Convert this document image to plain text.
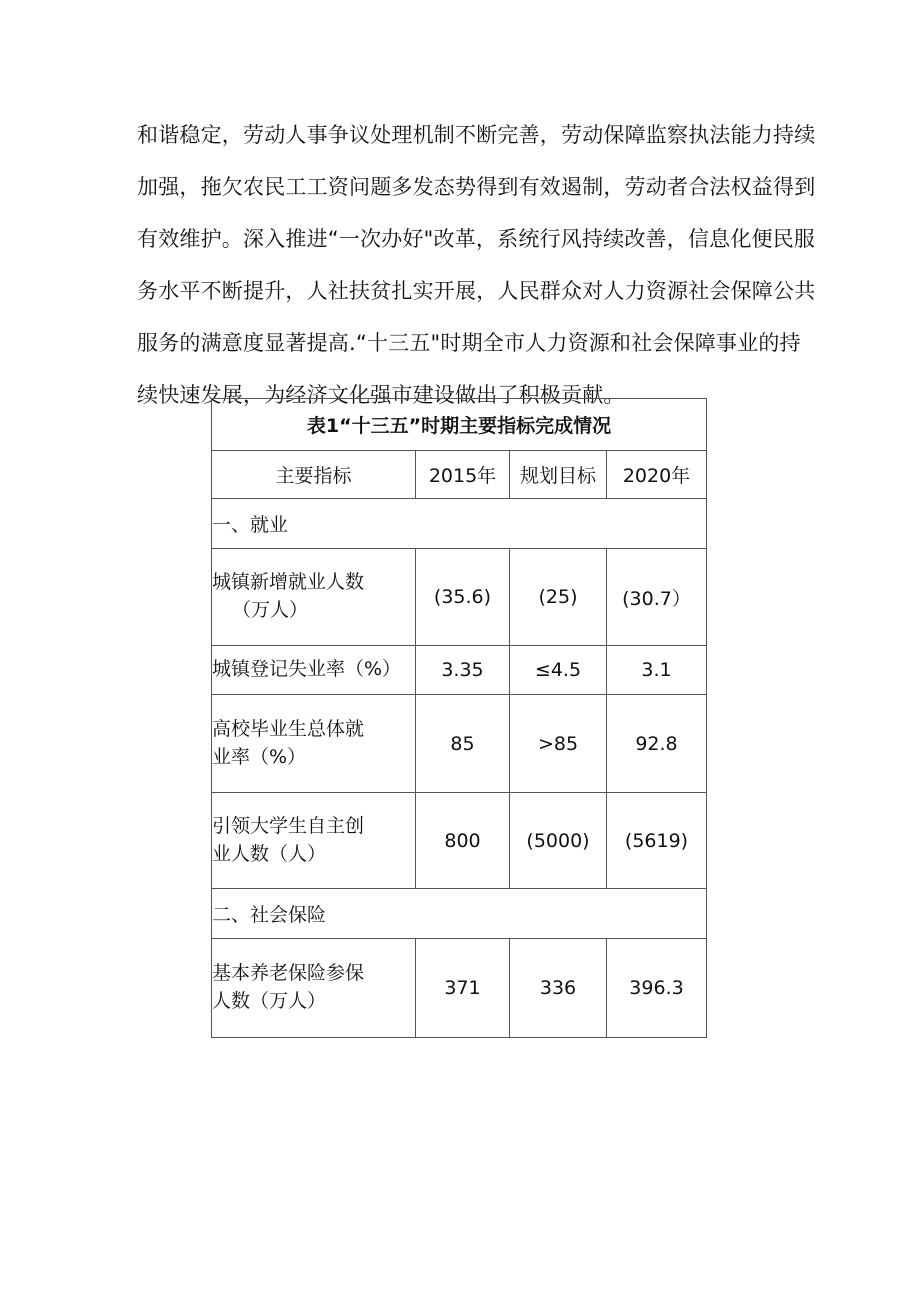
和谐稳定，劳动人事争议处理机制不断完善，劳动保障监察执法能力持续
加强，拖欠农民工工资问题多发态势得到有效遏制，劳动者合法权益得到
有效维护。深入推进“一次办好"改革，系统行风持续改善，信息化便民服
务水平不断提升，人社扶贫扎实开展，人民群众对人力资源社会保障公共
服务的满意度显著提高.“十三五"时期全市人力资源和社会保障事业的持
续快速发展，为经济文化强市建设做出了积极贡献。
表1“十三五”时期主要指标完成情况			
主要指标	2015年	规划目标	2020年
一、就业			

城镇新增就业人数
（万人）	(35.6)	(25)	(30.7）

城镇登记失业率（%）	3.35	≤4.5	3.1

高校毕业生总体就
业率（%）	85	>85	92.8

引领大学生自主创
业人数（人）	800	(5000)	(5619)
二、社会保险			

基本养老保险参保
人数（万人）	371	336	396.3
